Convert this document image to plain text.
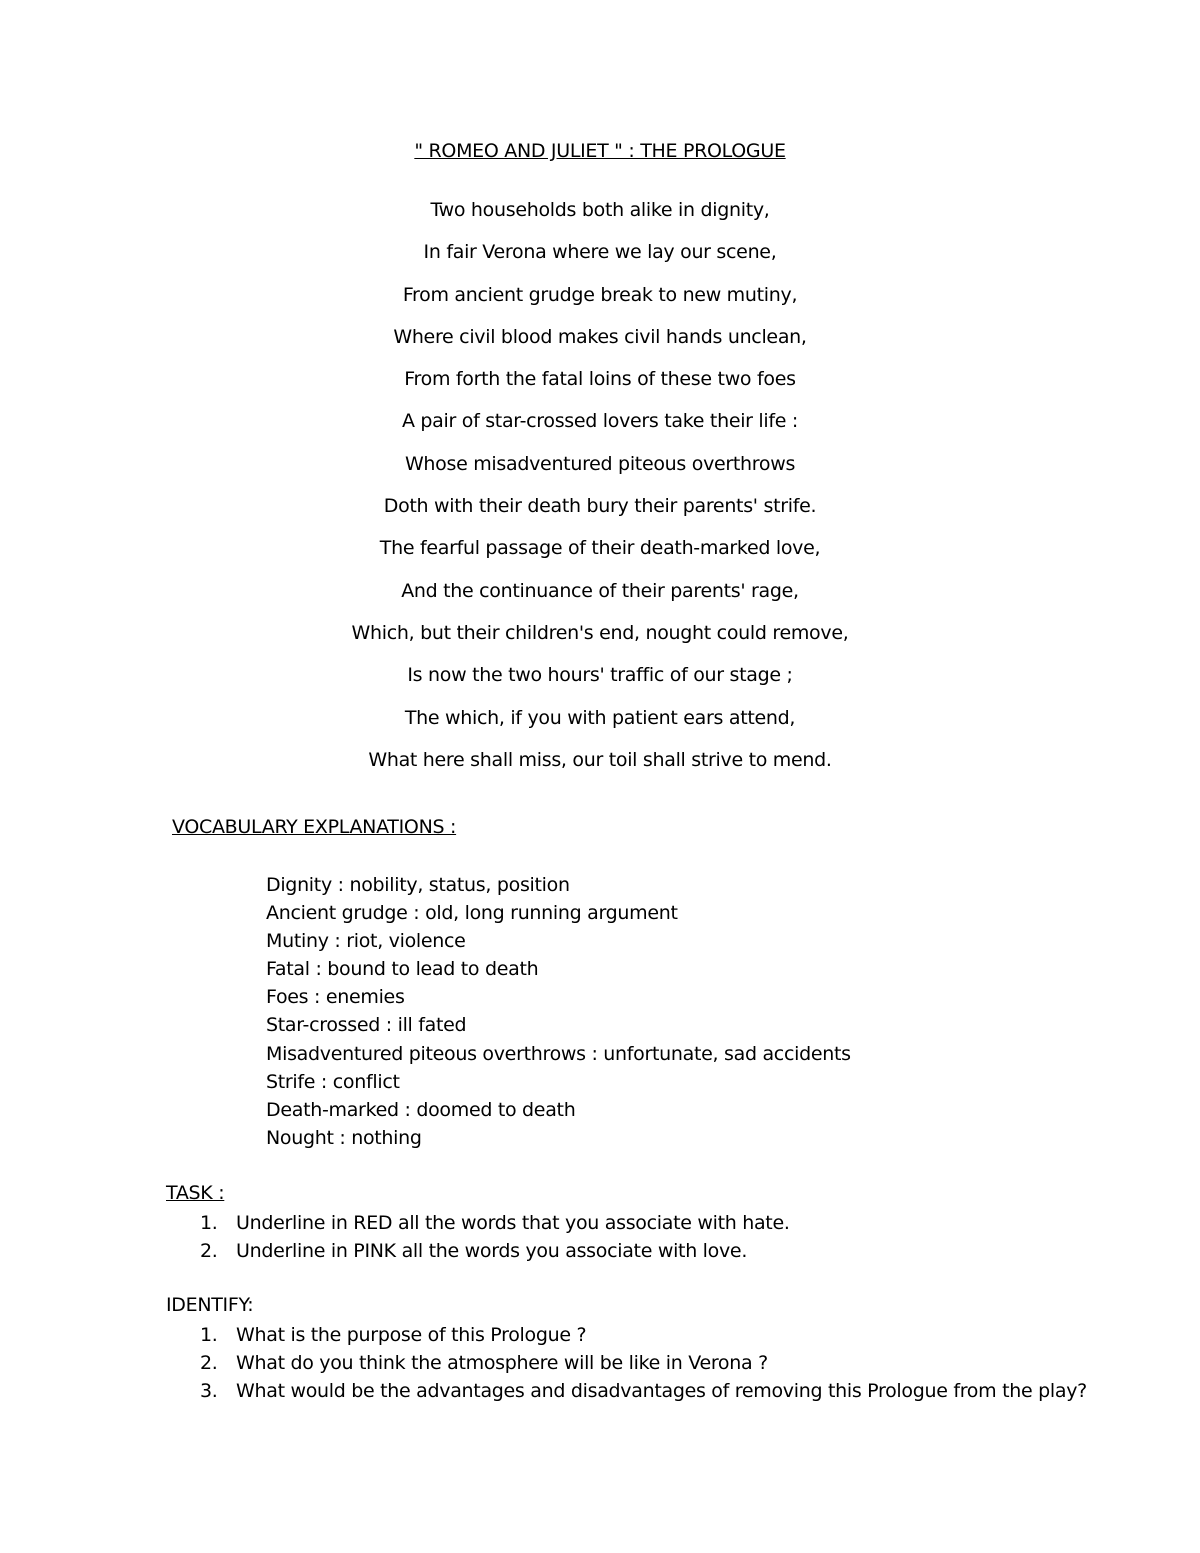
" ROMEO AND JULIET " : THE PROLOGUE
Two households both alike in dignity,
In fair Verona where we lay our scene,
From ancient grudge break to new mutiny,
Where civil blood makes civil hands unclean,
From forth the fatal loins of these two foes
A pair of star-crossed lovers take their life :
Whose misadventured piteous overthrows
Doth with their death bury their parents' strife.
The fearful passage of their death-marked love,
And the continuance of their parents' rage,
Which, but their children's end, nought could remove,
Is now the two hours' traffic of our stage ;
The which, if you with patient ears attend,
What here shall miss, our toil shall strive to mend.
VOCABULARY EXPLANATIONS :
Dignity : nobility, status, position
Ancient grudge : old, long running argument
Mutiny : riot, violence
Fatal : bound to lead to death
Foes : enemies
Star-crossed : ill fated
Misadventured piteous overthrows : unfortunate, sad accidents
Strife : conflict
Death-marked : doomed to death
Nought : nothing
TASK :
1. Underline in RED all the words that you associate with hate.
2. Underline in PINK all the words you associate with love.
IDENTIFY:
1. What is the purpose of this Prologue ?
2. What do you think the atmosphere will be like in Verona ?
3. What would be the advantages and disadvantages of removing this Prologue from the play?
